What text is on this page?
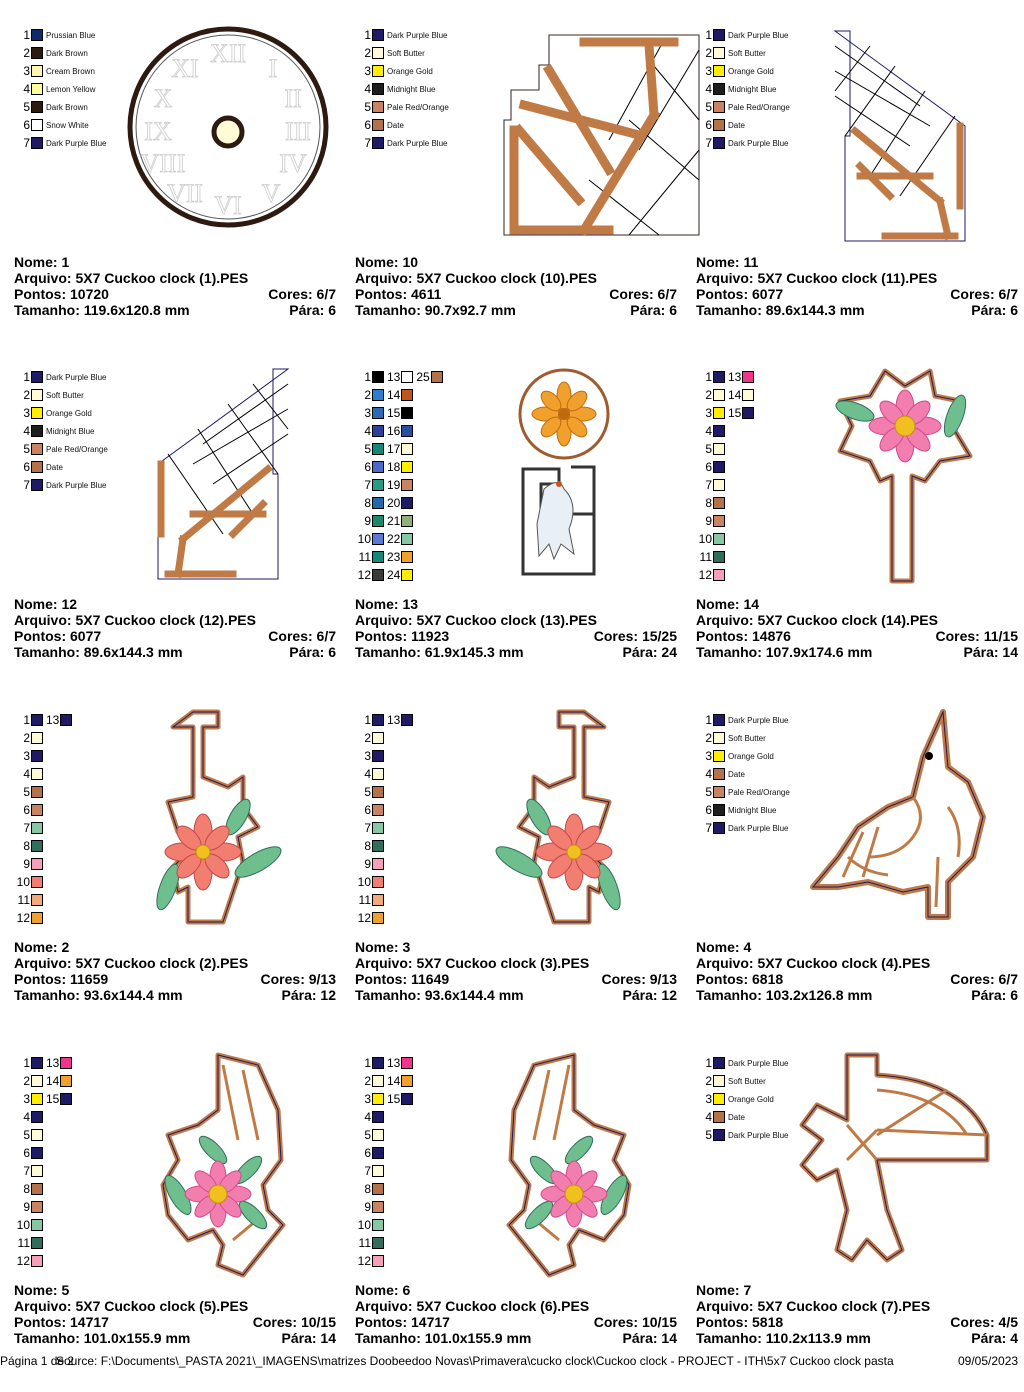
1 Prussian Blue
2 Dark Brown
3 Cream Brown
4 Lemon Yellow
5 Dark Brown
6 Snow White
7 Dark Purple Blue
XII
I
II
III
IV
V
VI
VII
VIII
IX
X
XI
Nome: 1
Arquivo: 5X7 Cuckoo clock (1).PES
Pontos: 10720	Cores: 6/7
Tamanho: 119.6x120.8 mm	Pára: 6
1 Dark Purple Blue
2 Soft Butter
3 Orange Gold
4 Midnight Blue
5 Pale Red/Orange
6 Date
7 Dark Purple Blue
Nome: 10
Arquivo: 5X7 Cuckoo clock (10).PES
Pontos: 4611	Cores: 6/7
Tamanho: 90.7x92.7 mm	Pára: 6
1 Dark Purple Blue
2 Soft Butter
3 Orange Gold
4 Midnight Blue
5 Pale Red/Orange
6 Date
7 Dark Purple Blue
Nome: 11
Arquivo: 5X7 Cuckoo clock (11).PES
Pontos: 6077	Cores: 6/7
Tamanho: 89.6x144.3 mm	Pára: 6
1 Dark Purple Blue
2 Soft Butter
3 Orange Gold
4 Midnight Blue
5 Pale Red/Orange
6 Date
7 Dark Purple Blue
Nome: 12
Arquivo: 5X7 Cuckoo clock (12).PES
Pontos: 6077	Cores: 6/7
Tamanho: 89.6x144.3 mm	Pára: 6
1 13 25
2 14
3 15
4 16
5 17
6 18
7 19
8 20
9 21
10 22
11 23
12 24
Nome: 13
Arquivo: 5X7 Cuckoo clock (13).PES
Pontos: 11923	Cores: 15/25
Tamanho: 61.9x145.3 mm	Pára: 24
1 13
2 14
3 15
4
5
6
7
8
9
10
11
12
Nome: 14
Arquivo: 5X7 Cuckoo clock (14).PES
Pontos: 14876	Cores: 11/15
Tamanho: 107.9x174.6 mm	Pára: 14
1 13
2
3
4
5
6
7
8
9
10
11
12
Nome: 2
Arquivo: 5X7 Cuckoo clock (2).PES
Pontos: 11659	Cores: 9/13
Tamanho: 93.6x144.4 mm	Pára: 12
1 13
2
3
4
5
6
7
8
9
10
11
12
Nome: 3
Arquivo: 5X7 Cuckoo clock (3).PES
Pontos: 11649	Cores: 9/13
Tamanho: 93.6x144.4 mm	Pára: 12
1 Dark Purple Blue
2 Soft Butter
3 Orange Gold
4 Date
5 Pale Red/Orange
6 Midnight Blue
7 Dark Purple Blue
Nome: 4
Arquivo: 5X7 Cuckoo clock (4).PES
Pontos: 6818	Cores: 6/7
Tamanho: 103.2x126.8 mm	Pára: 6
1 13
2 14
3 15
4
5
6
7
8
9
10
11
12
Nome: 5
Arquivo: 5X7 Cuckoo clock (5).PES
Pontos: 14717	Cores: 10/15
Tamanho: 101.0x155.9 mm	Pára: 14
1 13
2 14
3 15
4
5
6
7
8
9
10
11
12
Nome: 6
Arquivo: 5X7 Cuckoo clock (6).PES
Pontos: 14717	Cores: 10/15
Tamanho: 101.0x155.9 mm	Pára: 14
1 Dark Purple Blue
2 Soft Butter
3 Orange Gold
4 Date
5 Dark Purple Blue
Nome: 7
Arquivo: 5X7 Cuckoo clock (7).PES
Pontos: 5818	Cores: 4/5
Tamanho: 110.2x113.9 mm	Pára: 4
Página 1 de 2
Source: F:\Documents\_PASTA 2021\_IMAGENS\matrizes Doobeedoo Novas\Primavera\cucko clock\Cuckoo clock - PROJECT - ITH\5x7 Cuckoo clock pasta	09/05/2023
